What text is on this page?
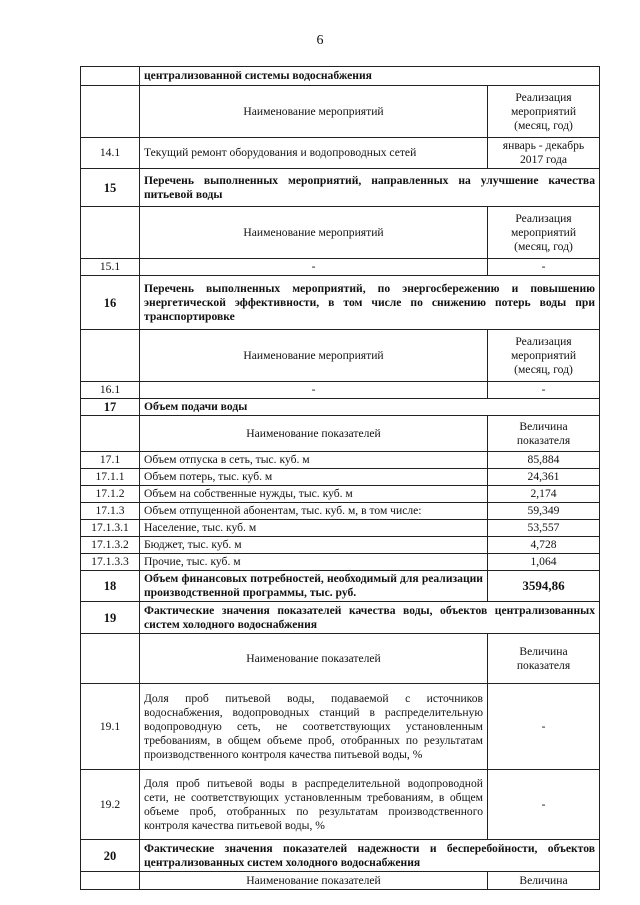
6
	централизованной системы водоснабжения	
	Наименование мероприятий	Реализация мероприятий (месяц, год)
14.1	Текущий ремонт оборудования и водопроводных сетей	январь - декабрь 2017 года
15	Перечень выполненных мероприятий, направленных на улучшение качества питьевой воды	
	Наименование мероприятий	Реализация мероприятий (месяц, год)
15.1	-	-
16	Перечень выполненных мероприятий, по энергосбережению и повышению энергетической эффективности, в том числе по снижению потерь воды при транспортировке	
	Наименование мероприятий	Реализация мероприятий (месяц, год)
16.1	-	-
17	Объем подачи воды	
	Наименование показателей	Величина показателя
17.1	Объем отпуска в сеть, тыс. куб. м	85,884
17.1.1	Объем потерь, тыс. куб. м	24,361
17.1.2	Объем на собственные нужды, тыс. куб. м	2,174
17.1.3	Объем отпущенной абонентам, тыс. куб. м, в том числе:	59,349
17.1.3.1	Население, тыс. куб. м	53,557
17.1.3.2	Бюджет, тыс. куб. м	4,728
17.1.3.3	Прочие, тыс. куб. м	1,064
18	Объем финансовых потребностей, необходимый для реализации производственной программы, тыс. руб.	3594,86
19	Фактические значения показателей качества воды, объектов централизованных систем холодного водоснабжения	
	Наименование показателей	Величина показателя
19.1	Доля проб питьевой воды, подаваемой с источников водоснабжения, водопроводных станций в распределительную водопроводную сеть, не соответствующих установленным требованиям, в общем объеме проб, отобранных по результатам производственного контроля качества питьевой воды, %	-
19.2	Доля проб питьевой воды в распределительной водопроводной сети, не соответствующих установленным требованиям, в общем объеме проб, отобранных по результатам производственного контроля качества питьевой воды, %	-
20	Фактические значения показателей надежности и бесперебойности, объектов централизованных систем холодного водоснабжения	
	Наименование показателей	Величина
